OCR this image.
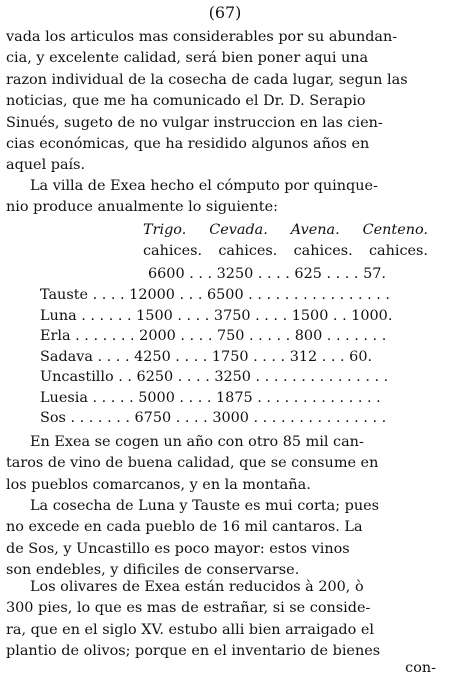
(67)
vada los articulos mas considerables por su abundan-
cia, y excelente calidad, será bien poner aqui una
razon individual de la cosecha de cada lugar, segun las
noticias, que me ha comunicado el Dr. D. Serapio
Sinués, sugeto de no vulgar instruccion en las cien-
cias económicas, que ha residido algunos años en
aquel país.
La villa de Exea hecho el cómputo por quinque-
nio produce anualmente lo siguiente:
Trigo. Cevada. Avena. Centeno.
cahices. cahices. cahices. cahices.
6600 . . . 3250 . . . . 625 . . . . 57.
Tauste . . . . 12000 . . . 6500 . . . . . . . . . . . . . . . .
Luna . . . . . . 1500 . . . . 3750 . . . . 1500 . . 1000.
Erla . . . . . . . 2000 . . . . 750 . . . . . 800 . . . . . . .
Sadava . . . . 4250 . . . . 1750 . . . . 312 . . . 60.
Uncastillo . . 6250 . . . . 3250 . . . . . . . . . . . . . . .
Luesia . . . . . 5000 . . . . 1875 . . . . . . . . . . . . . .
Sos . . . . . . . 6750 . . . . 3000 . . . . . . . . . . . . . . .
En Exea se cogen un año con otro 85 mil can-
taros de vino de buena calidad, que se consume en
los pueblos comarcanos, y en la montaña.
La cosecha de Luna y Tauste es mui corta; pues
no excede en cada pueblo de 16 mil cantaros. La
de Sos, y Uncastillo es poco mayor: estos vinos
son endebles, y dificiles de conservarse.
Los olivares de Exea están reducidos à 200, ò
300 pies, lo que es mas de estrañar, si se conside-
ra, que en el siglo XV. estubo alli bien arraigado el
plantio de olivos; porque en el inventario de bienes
con-
